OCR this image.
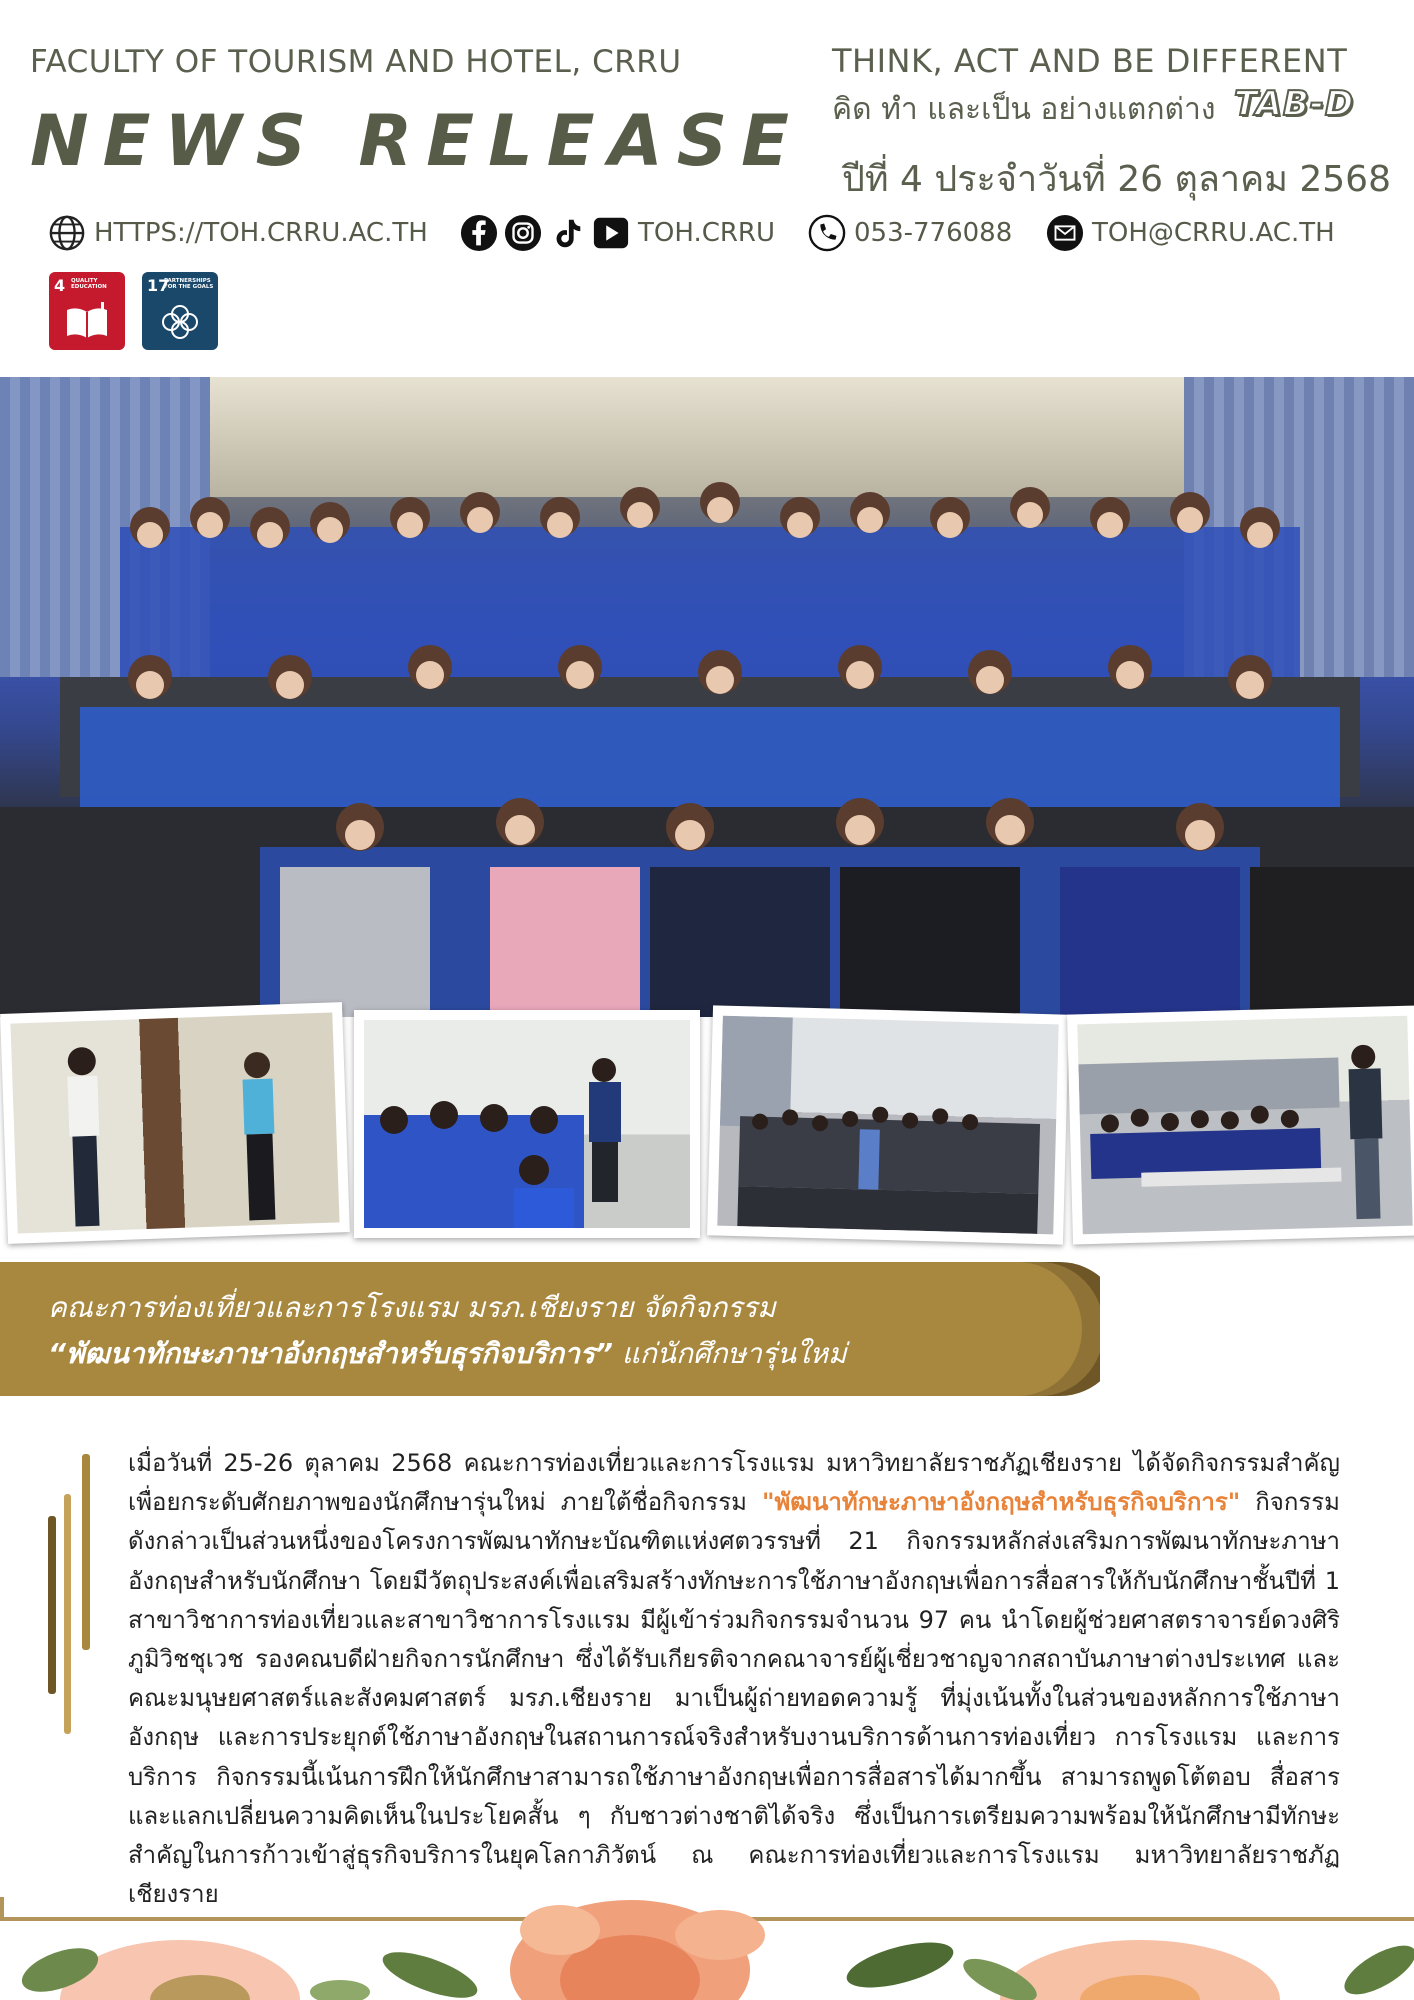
FACULTY OF TOURISM AND HOTEL, CRRU
NEWS RELEASE
THINK, ACT AND BE DIFFERENT
คิด ทำ และเป็น อย่างแตกต่าง TAB-D
ปีที่ 4 ประจำวันที่ 26 ตุลาคม 2568
HTTPS://TOH.CRRU.AC.TH	TOH.CRRU	053-776088	TOH@CRRU.AC.TH
4 QUALITY EDUCATION	17
PARTNERSHIPS FOR THE GOALS
คณะการท่องเที่ยวและการโรงแรม มรภ.เชียงราย จัดกิจกรรม
“พัฒนาทักษะภาษาอังกฤษสำหรับธุรกิจบริการ” แก่นักศึกษารุ่นใหม่
เมื่อวันที่ 25-26 ตุลาคม 2568 คณะการท่องเที่ยวและการโรงแรม มหาวิทยาลัยราชภัฏเชียงราย ได้จัดกิจกรรมสำคัญเพื่อยกระดับศักยภาพของนักศึกษารุ่นใหม่ ภายใต้ชื่อกิจกรรม "พัฒนาทักษะภาษาอังกฤษสำหรับธุรกิจบริการ" กิจกรรมดังกล่าวเป็นส่วนหนึ่งของโครงการพัฒนาทักษะบัณฑิตแห่งศตวรรษที่ 21 กิจกรรมหลักส่งเสริมการพัฒนาทักษะภาษาอังกฤษสำหรับนักศึกษา โดยมีวัตถุประสงค์เพื่อเสริมสร้างทักษะการใช้ภาษาอังกฤษเพื่อการสื่อสารให้กับนักศึกษาชั้นปีที่ 1 สาขาวิชาการท่องเที่ยวและสาขาวิชาการโรงแรม มีผู้เข้าร่วมกิจกรรมจำนวน 97 คน นำโดยผู้ช่วยศาสตราจารย์ดวงศิริ ภูมิวิชชุเวช รองคณบดีฝ่ายกิจการนักศึกษา ซึ่งได้รับเกียรติจากคณาจารย์ผู้เชี่ยวชาญจากสถาบันภาษาต่างประเทศ และคณะมนุษยศาสตร์และสังคมศาสตร์ มรภ.เชียงราย มาเป็นผู้ถ่ายทอดความรู้ ที่มุ่งเน้นทั้งในส่วนของหลักการใช้ภาษาอังกฤษ และการประยุกต์ใช้ภาษาอังกฤษในสถานการณ์จริงสำหรับงานบริการด้านการท่องเที่ยว การโรงแรม และการบริการ กิจกรรมนี้เน้นการฝึกให้นักศึกษาสามารถใช้ภาษาอังกฤษเพื่อการสื่อสารได้มากขึ้น สามารถพูดโต้ตอบ สื่อสาร และแลกเปลี่ยนความคิดเห็นในประโยคสั้น ๆ กับชาวต่างชาติได้จริง ซึ่งเป็นการเตรียมความพร้อมให้นักศึกษามีทักษะสำคัญในการก้าวเข้าสู่ธุรกิจบริการในยุคโลกาภิวัตน์ ณ คณะการท่องเที่ยวและการโรงแรม มหาวิทยาลัยราชภัฏเชียงราย
